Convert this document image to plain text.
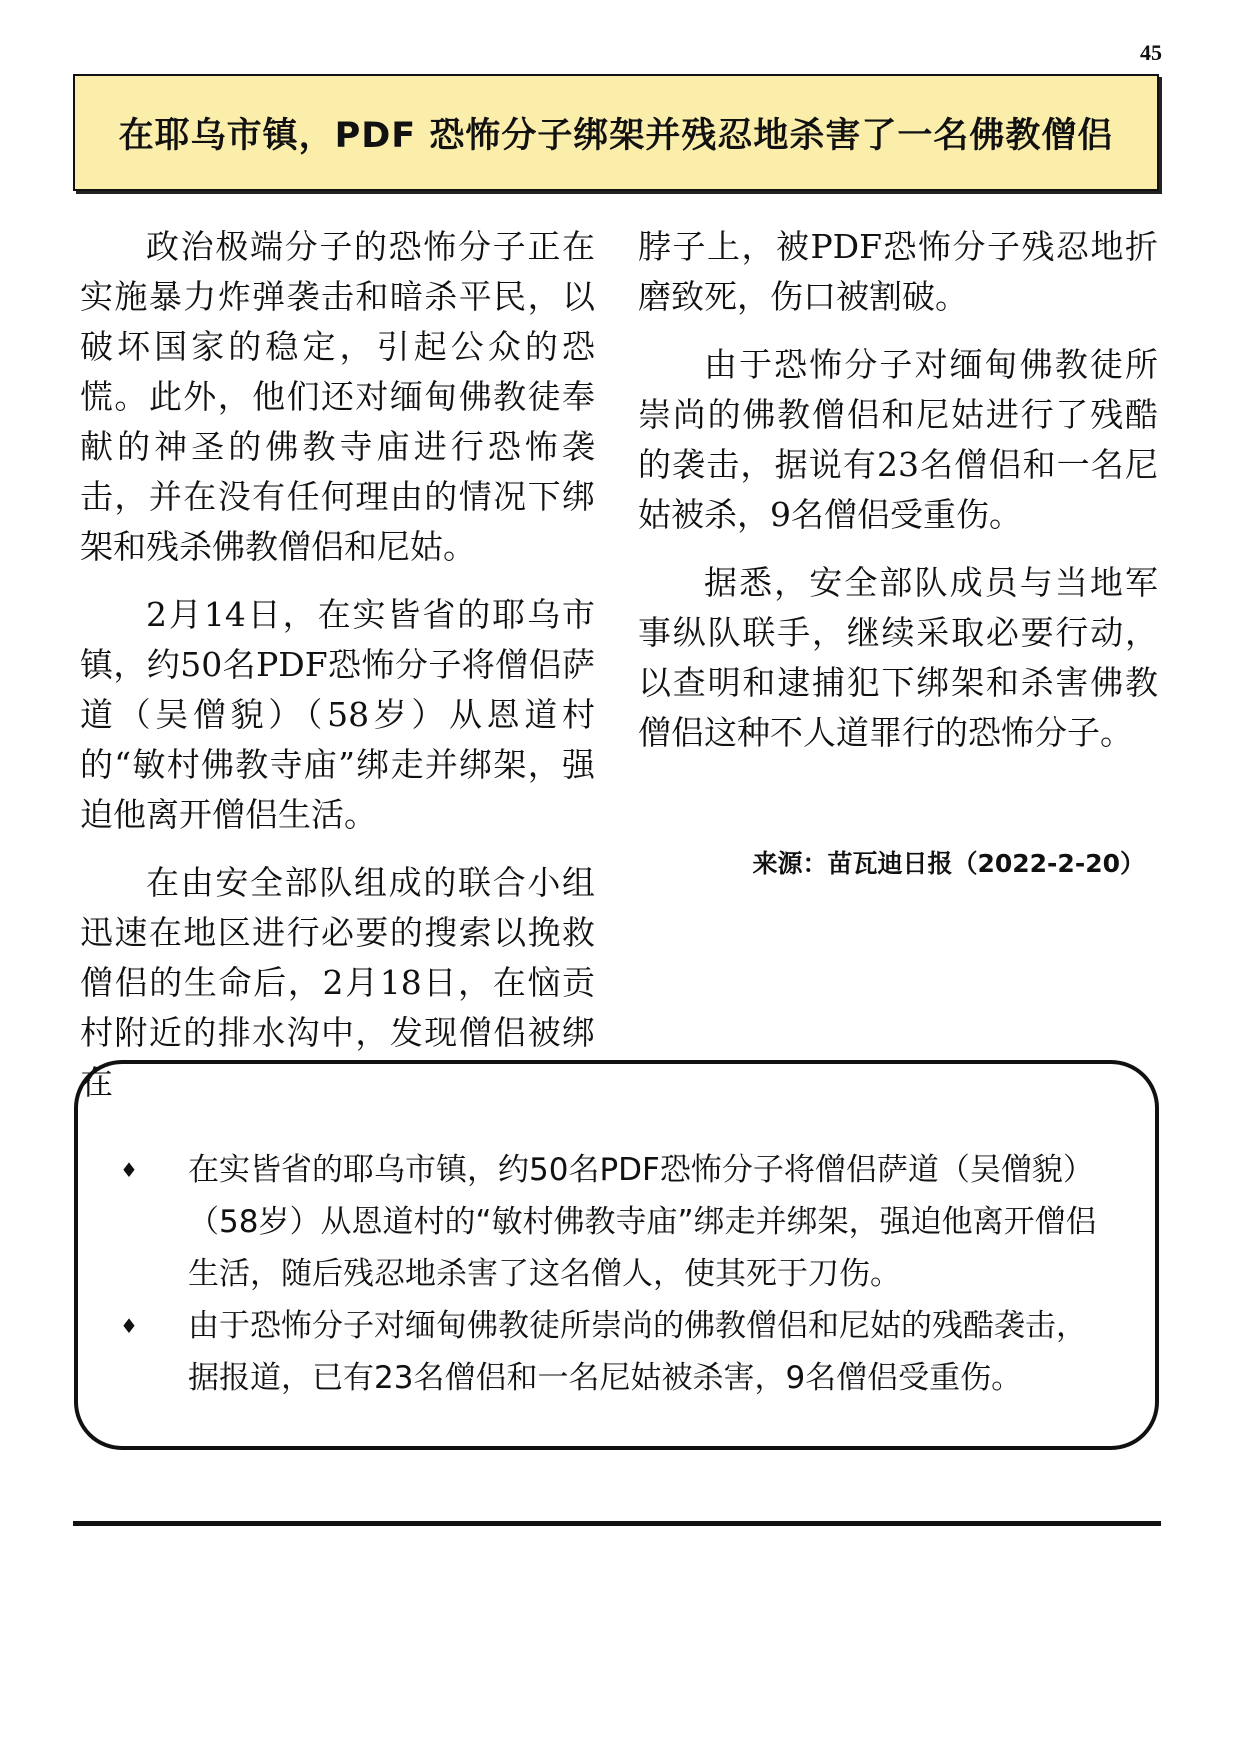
45
在耶乌市镇，PDF 恐怖分子绑架并残忍地杀害了一名佛教僧侣

政治极端分子的恐怖分子正在实施暴力炸弹袭击和暗杀平民，以破坏国家的稳定，引起公众的恐慌。此外，他们还对缅甸佛教徒奉献的神圣的佛教寺庙进行恐怖袭击，并在没有任何理由的情况下绑架和残杀佛教僧侣和尼姑。

2月14日，在实皆省的耶乌市镇，约50名PDF恐怖分子将僧侣萨道（吴僧貌）（58岁）从恩道村的“敏村佛教寺庙”绑走并绑架，强迫他离开僧侣生活。

在由安全部队组成的联合小组迅速在地区进行必要的搜索以挽救僧侣的生命后，2月18日，在恼贡村附近的排水沟中，发现僧侣被绑在

脖子上，被PDF恐怖分子残忍地折磨致死，伤口被割破。

由于恐怖分子对缅甸佛教徒所崇尚的佛教僧侣和尼姑进行了残酷的袭击，据说有23名僧侣和一名尼姑被杀，9名僧侣受重伤。

据悉，安全部队成员与当地军事纵队联手，继续采取必要行动，以查明和逮捕犯下绑架和杀害佛教僧侣这种不人道罪行的恐怖分子。

来源：苗瓦迪日报（2022-2-20）
♦ 在实皆省的耶乌市镇，约50名PDF恐怖分子将僧侣萨道（吴僧貌）（58岁）从恩道村的“敏村佛教寺庙”绑走并绑架，强迫他离开僧侣生活，随后残忍地杀害了这名僧人，使其死于刀伤。
♦ 由于恐怖分子对缅甸佛教徒所崇尚的佛教僧侣和尼姑的残酷袭击，据报道，已有23名僧侣和一名尼姑被杀害，9名僧侣受重伤。
